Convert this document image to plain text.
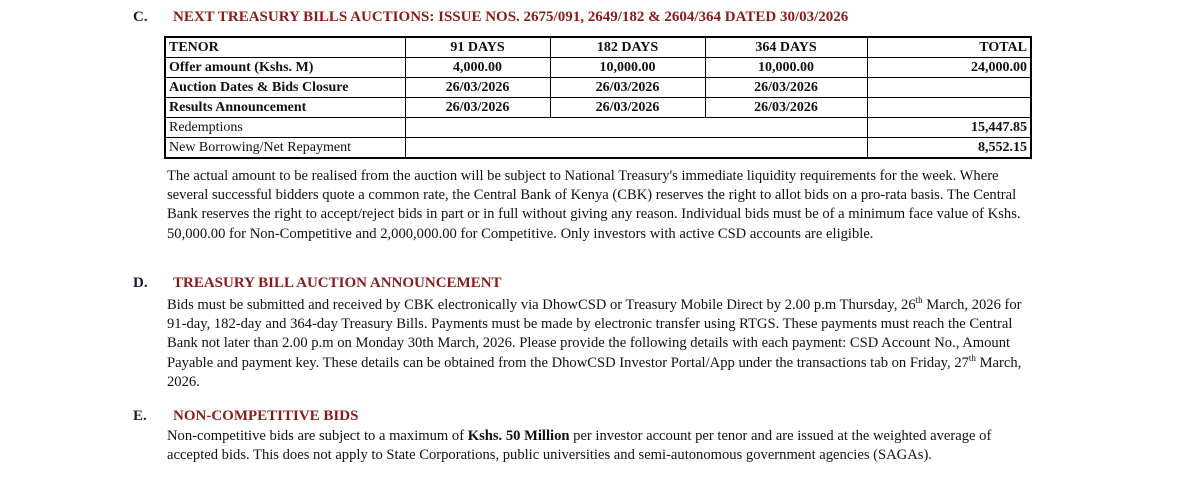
C. NEXT TREASURY BILLS AUCTIONS: ISSUE NOS. 2675/091, 2649/182 & 2604/364 DATED 30/03/2026
TENOR	91 DAYS	182 DAYS	364 DAYS	TOTAL
Offer amount (Kshs. M)	4,000.00	10,000.00	10,000.00	24,000.00
Auction Dates & Bids Closure	26/03/2026	26/03/2026	26/03/2026	
Results Announcement	26/03/2026	26/03/2026	26/03/2026	
Redemptions				15,447.85
New Borrowing/Net Repayment				8,552.15
The actual amount to be realised from the auction will be subject to National Treasury's immediate liquidity requirements for the week. Where several successful bidders quote a common rate, the Central Bank of Kenya (CBK) reserves the right to allot bids on a pro-rata basis. The Central Bank reserves the right to accept/reject bids in part or in full without giving any reason. Individual bids must be of a minimum face value of Kshs. 50,000.00 for Non-Competitive and 2,000,000.00 for Competitive. Only investors with active CSD accounts are eligible.
D. TREASURY BILL AUCTION ANNOUNCEMENT
Bids must be submitted and received by CBK electronically via DhowCSD or Treasury Mobile Direct by 2.00 p.m Thursday, 26th March, 2026 for 91-day, 182-day and 364-day Treasury Bills. Payments must be made by electronic transfer using RTGS. These payments must reach the Central Bank not later than 2.00 p.m on Monday 30th March, 2026. Please provide the following details with each payment: CSD Account No., Amount Payable and payment key. These details can be obtained from the DhowCSD Investor Portal/App under the transactions tab on Friday, 27th March, 2026.
E. NON-COMPETITIVE BIDS
Non-competitive bids are subject to a maximum of Kshs. 50 Million per investor account per tenor and are issued at the weighted average of accepted bids. This does not apply to State Corporations, public universities and semi-autonomous government agencies (SAGAs).
